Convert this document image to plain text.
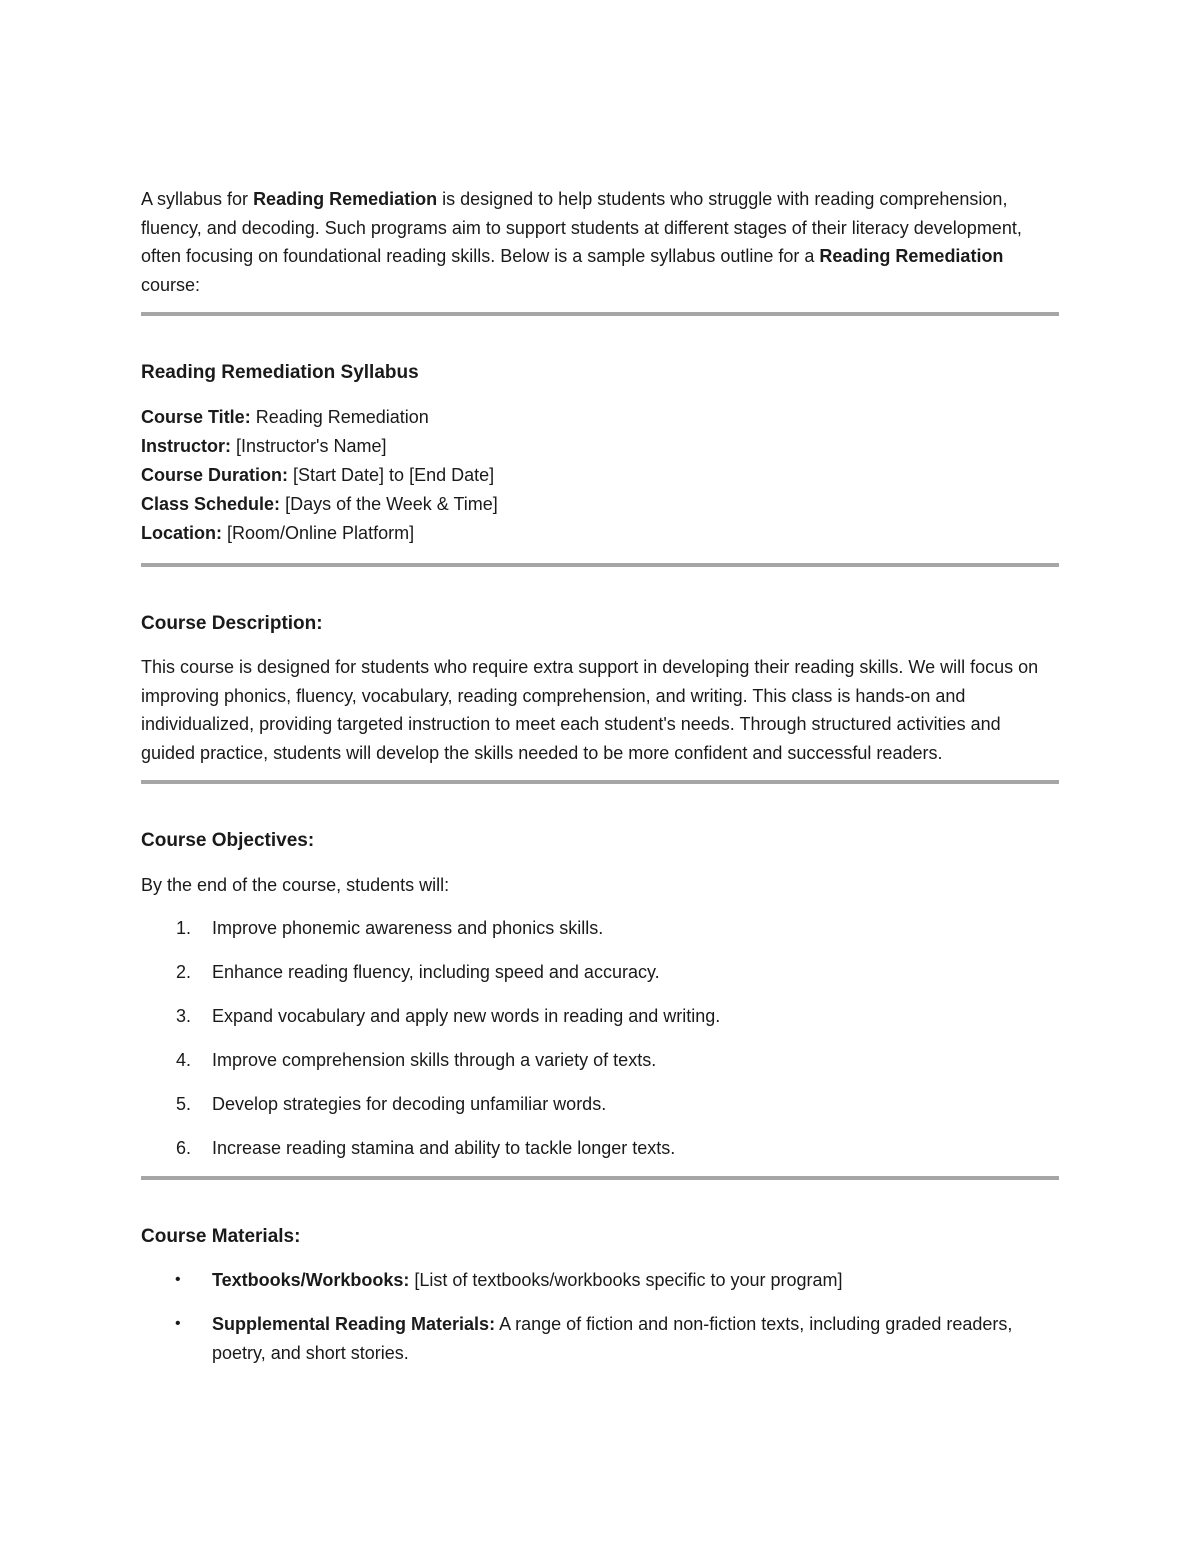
A syllabus for Reading Remediation is designed to help students who struggle with reading comprehension, fluency, and decoding. Such programs aim to support students at different stages of their literacy development, often focusing on foundational reading skills. Below is a sample syllabus outline for a Reading Remediation course:

Reading Remediation Syllabus

Course Title: Reading Remediation

Instructor: [Instructor's Name]

Course Duration: [Start Date] to [End Date]

Class Schedule: [Days of the Week & Time]

Location: [Room/Online Platform]

Course Description:

This course is designed for students who require extra support in developing their reading skills. We will focus on improving phonics, fluency, vocabulary, reading comprehension, and writing. This class is hands-on and individualized, providing targeted instruction to meet each student's needs. Through structured activities and guided practice, students will develop the skills needed to be more confident and successful readers.

Course Objectives:

By the end of the course, students will:

1. Improve phonemic awareness and phonics skills.
2. Enhance reading fluency, including speed and accuracy.
3. Expand vocabulary and apply new words in reading and writing.
4. Improve comprehension skills through a variety of texts.
5. Develop strategies for decoding unfamiliar words.
6. Increase reading stamina and ability to tackle longer texts.

Course Materials:

• Textbooks/Workbooks: [List of textbooks/workbooks specific to your program]
• Supplemental Reading Materials: A range of fiction and non-fiction texts, including graded readers, poetry, and short stories.
